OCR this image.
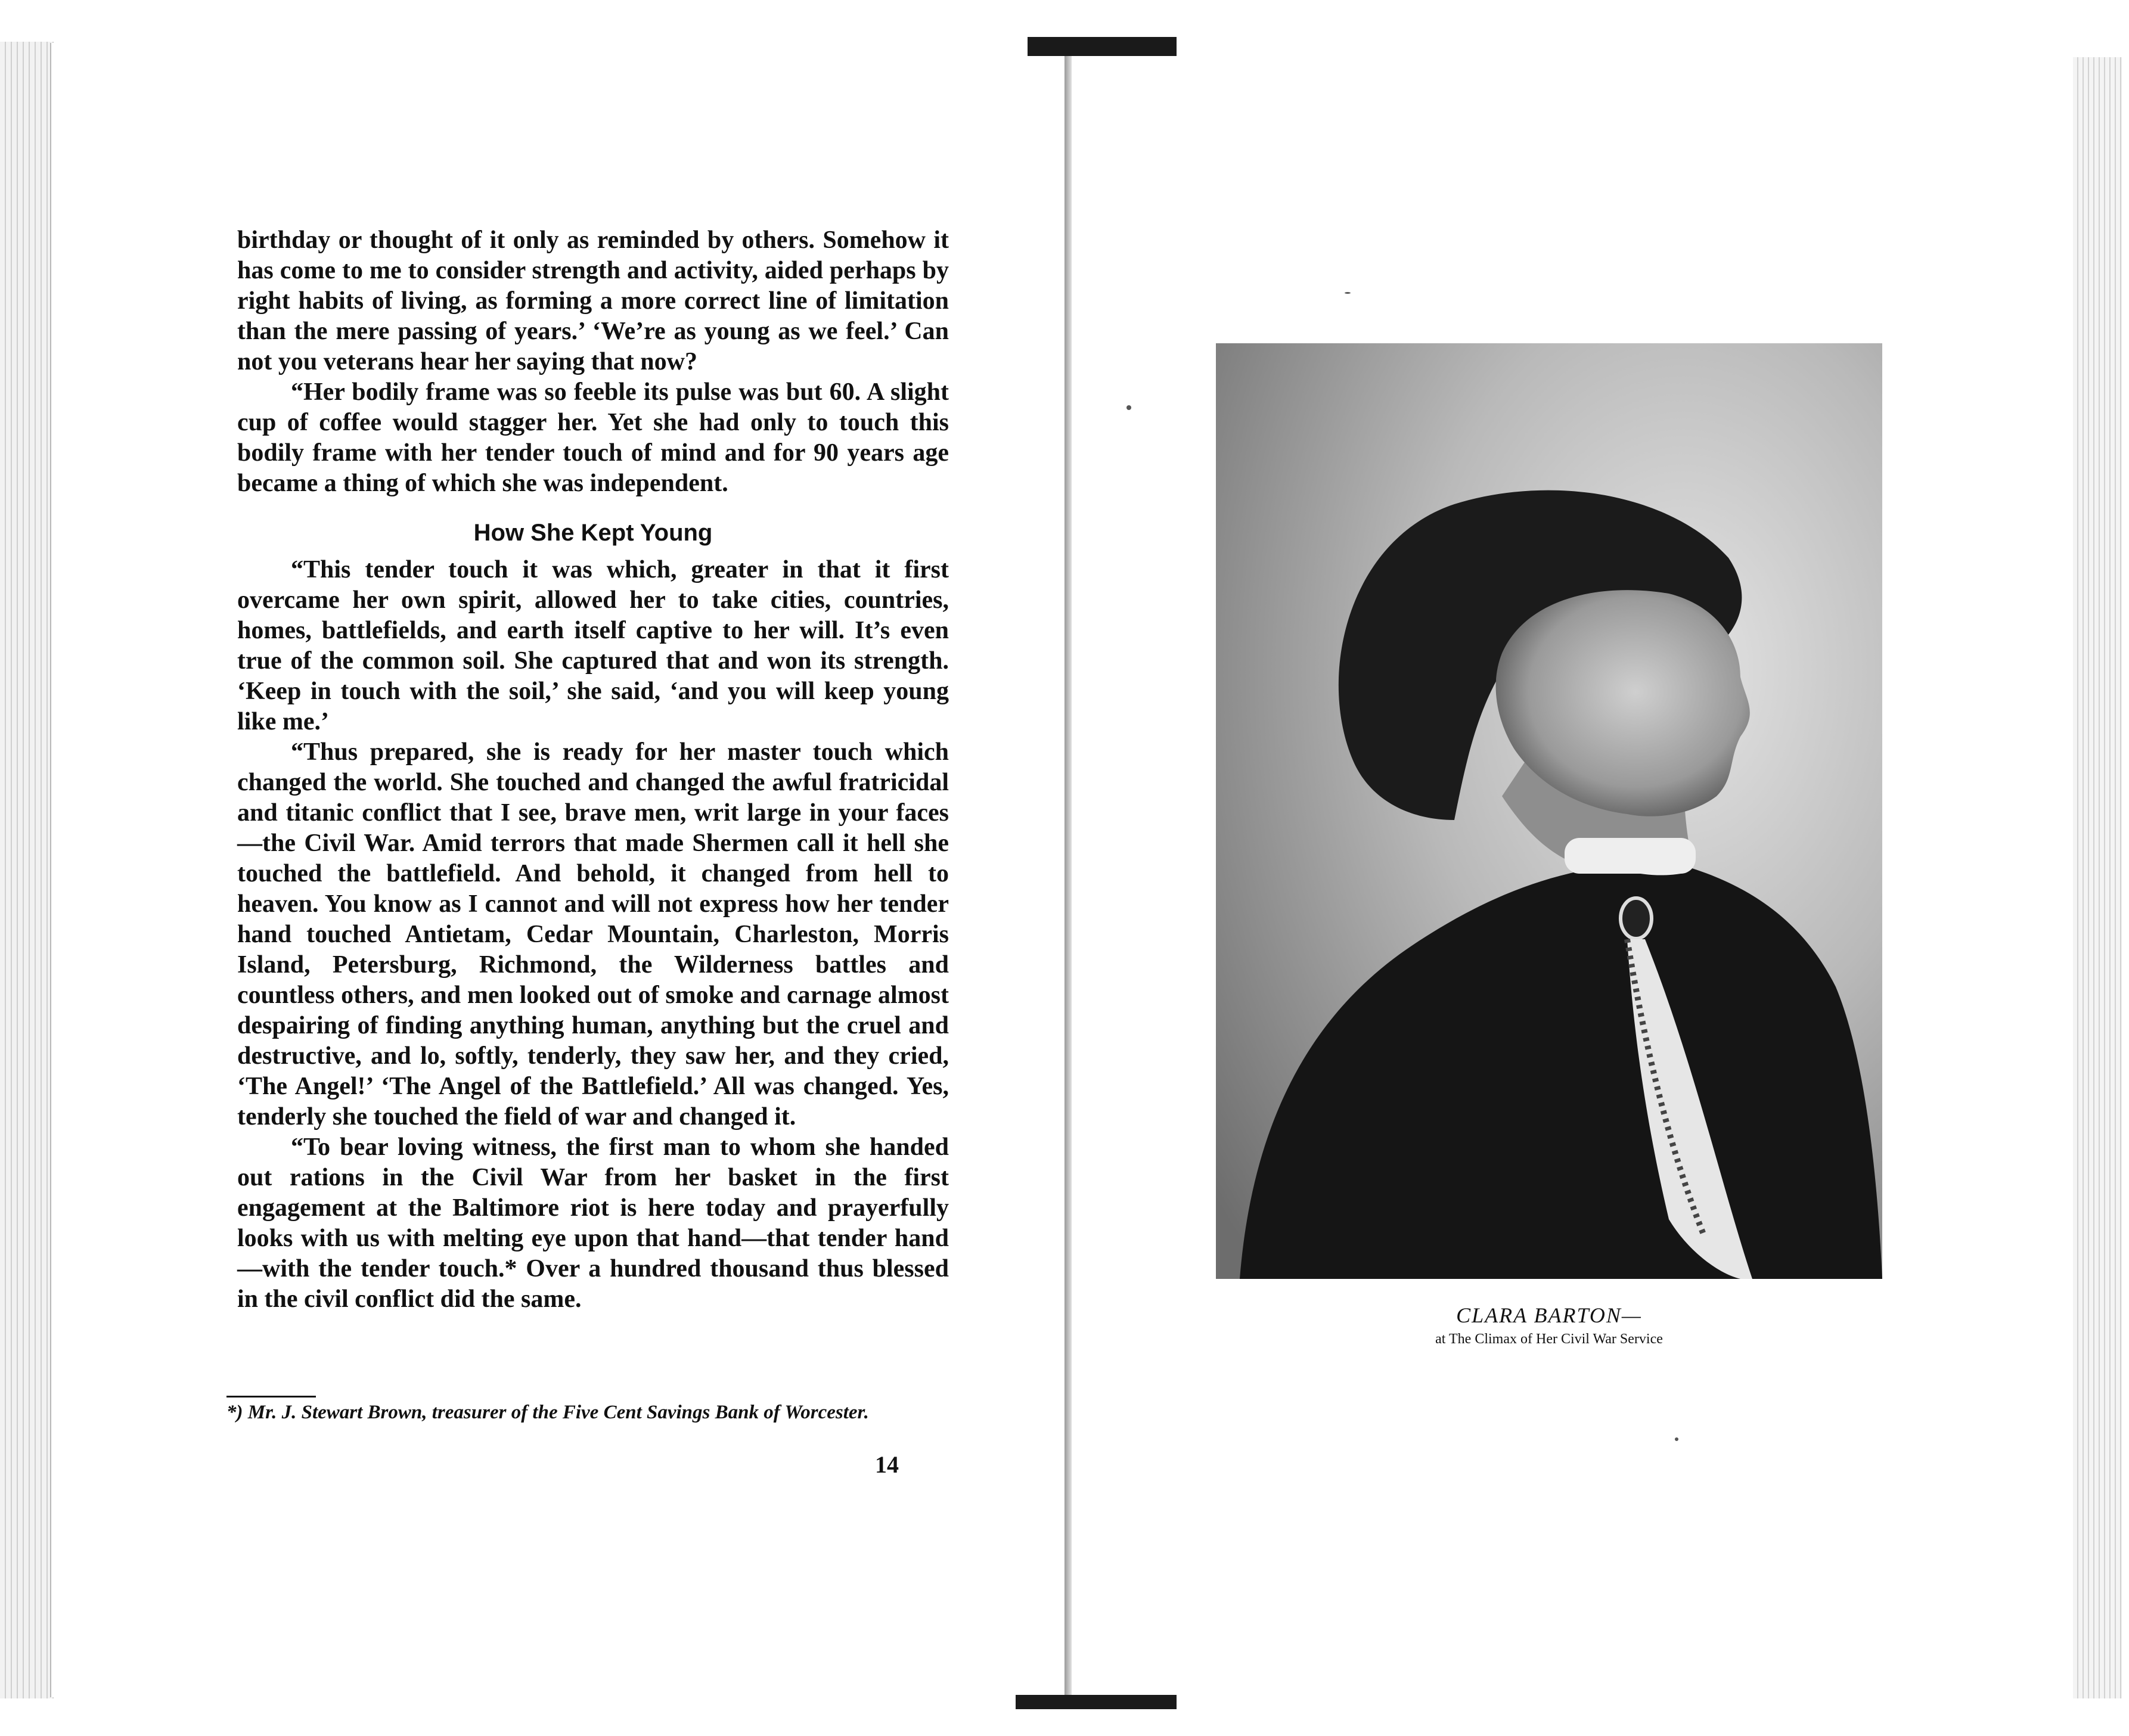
birthday or thought of it only as reminded by others. Somehow it has come to me to consider strength and activity, aided perhaps by right habits of living, as forming a more correct line of limitation than the mere passing of years.’ ‘We’re as young as we feel.’ Can not you veterans hear her saying that now?

“Her bodily frame was so feeble its pulse was but 60. A slight cup of coffee would stagger her. Yet she had only to touch this bodily frame with her tender touch of mind and for 90 years age became a thing of which she was independent.

How She Kept Young

“This tender touch it was which, greater in that it first overcame her own spirit, allowed her to take cities, countries, homes, battlefields, and earth itself captive to her will. It’s even true of the common soil. She captured that and won its strength. ‘Keep in touch with the soil,’ she said, ‘and you will keep young like me.’

“Thus prepared, she is ready for her master touch which changed the world. She touched and changed the awful fratricidal and titanic conflict that I see, brave men, writ large in your faces—the Civil War. Amid terrors that made Shermen call it hell she touched the battlefield. And behold, it changed from hell to heaven. You know as I cannot and will not express how her tender hand touched Antietam, Cedar Mountain, Charleston, Morris Island, Petersburg, Richmond, the Wilderness battles and countless others, and men looked out of smoke and carnage almost despairing of finding anything human, anything but the cruel and destructive, and lo, softly, tenderly, they saw her, and they cried, ‘The Angel!’ ‘The Angel of the Battlefield.’ All was changed. Yes, tenderly she touched the field of war and changed it.

“To bear loving witness, the first man to whom she handed out rations in the Civil War from her basket in the first engagement at the Baltimore riot is here today and prayerfully looks with us with melting eye upon that hand—that tender hand—with the tender touch.* Over a hundred thousand thus blessed in the civil conflict did the same.

*) Mr. J. Stewart Brown, treasurer of the Five Cent Savings Bank of Worcester.
14
CLARA BARTON—
at The Climax of Her Civil War Service
